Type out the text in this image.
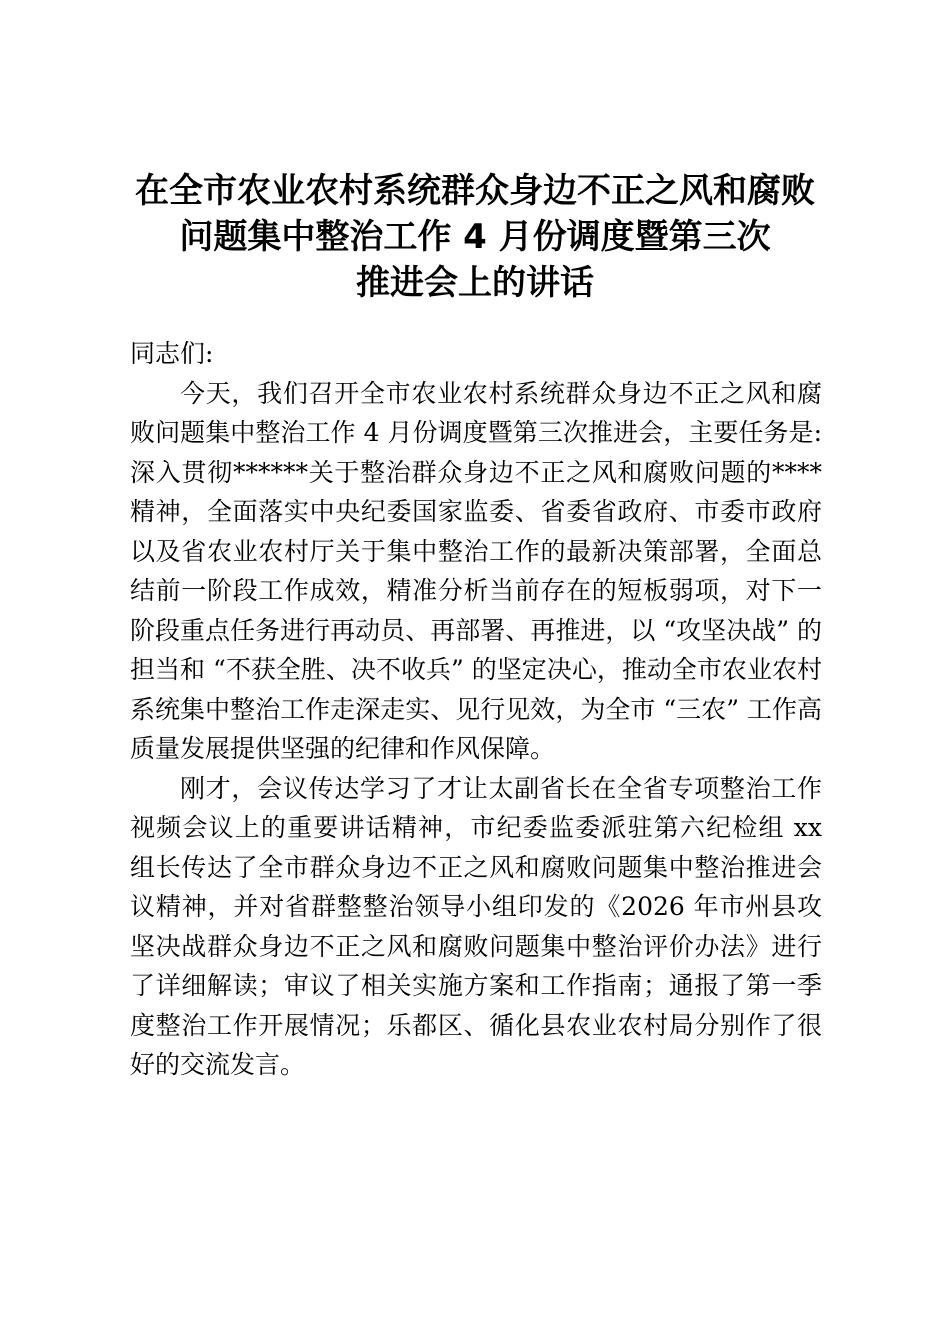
在全市农业农村系统群众身边不正之风和腐败
问题集中整治工作 4 月份调度暨第三次
推进会上的讲话

同志们:

今天，我们召开全市农业农村系统群众身边不正之风和腐败问题集中整治工作 4 月份调度暨第三次推进会，主要任务是:深入贯彻******关于整治群众身边不正之风和腐败问题的****精神，全面落实中央纪委国家监委、省委省政府、市委市政府以及省农业农村厅关于集中整治工作的最新决策部署，全面总结前一阶段工作成效，精准分析当前存在的短板弱项，对下一阶段重点任务进行再动员、再部署、再推进，以 “攻坚决战” 的担当和 “不获全胜、决不收兵” 的坚定决心，推动全市农业农村系统集中整治工作走深走实、见行见效，为全市 “三农” 工作高质量发展提供坚强的纪律和作风保障。

刚才，会议传达学习了才让太副省长在全省专项整治工作视频会议上的重要讲话精神，市纪委监委派驻第六纪检组 xx 组长传达了全市群众身边不正之风和腐败问题集中整治推进会议精神，并对省群整整治领导小组印发的《2026 年市州县攻坚决战群众身边不正之风和腐败问题集中整治评价办法》进行了详细解读；审议了相关实施方案和工作指南；通报了第一季度整治工作开展情况；乐都区、循化县农业农村局分别作了很好的交流发言。
